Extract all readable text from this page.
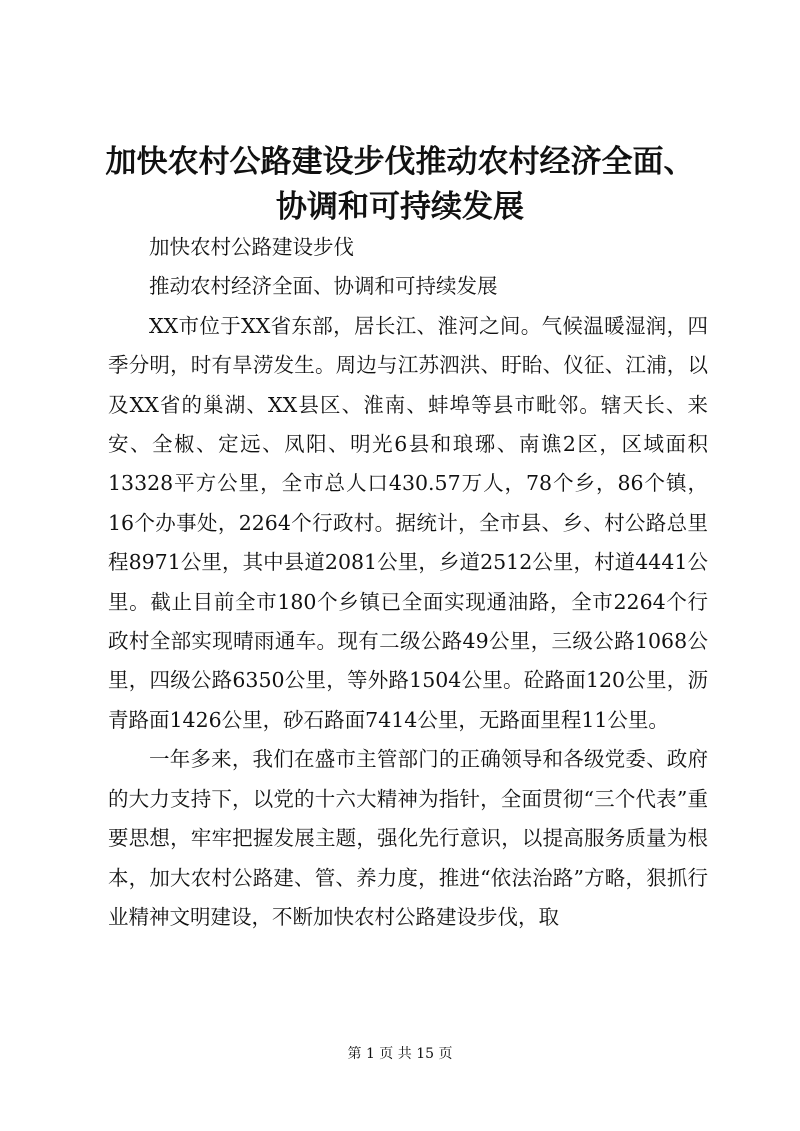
加快农村公路建设步伐推动农村经济全面、协调和可持续发展

加快农村公路建设步伐

推动农村经济全面、协调和可持续发展

XX市位于XX省东部，居长江、淮河之间。气候温暖湿润，四季分明，时有旱涝发生。周边与江苏泗洪、盱眙、仪征、江浦，以及XX省的巢湖、XX县区、淮南、蚌埠等县市毗邻。辖天长、来安、全椒、定远、凤阳、明光6县和琅琊、南谯2区，区域面积13328平方公里，全市总人口430.57万人，78个乡，86个镇，16个办事处，2264个行政村。据统计，全市县、乡、村公路总里程8971公里，其中县道2081公里，乡道2512公里，村道4441公里。截止目前全市180个乡镇已全面实现通油路，全市2264个行政村全部实现晴雨通车。现有二级公路49公里，三级公路1068公里，四级公路6350公里，等外路1504公里。砼路面120公里，沥青路面1426公里，砂石路面7414公里，无路面里程11公里。

一年多来，我们在盛市主管部门的正确领导和各级党委、政府的大力支持下，以党的十六大精神为指针，全面贯彻“三个代表”重要思想，牢牢把握发展主题，强化先行意识，以提高服务质量为根本，加大农村公路建、管、养力度，推进“依法治路”方略，狠抓行业精神文明建设，不断加快农村公路建设步伐，取

第 1 页 共 15 页
